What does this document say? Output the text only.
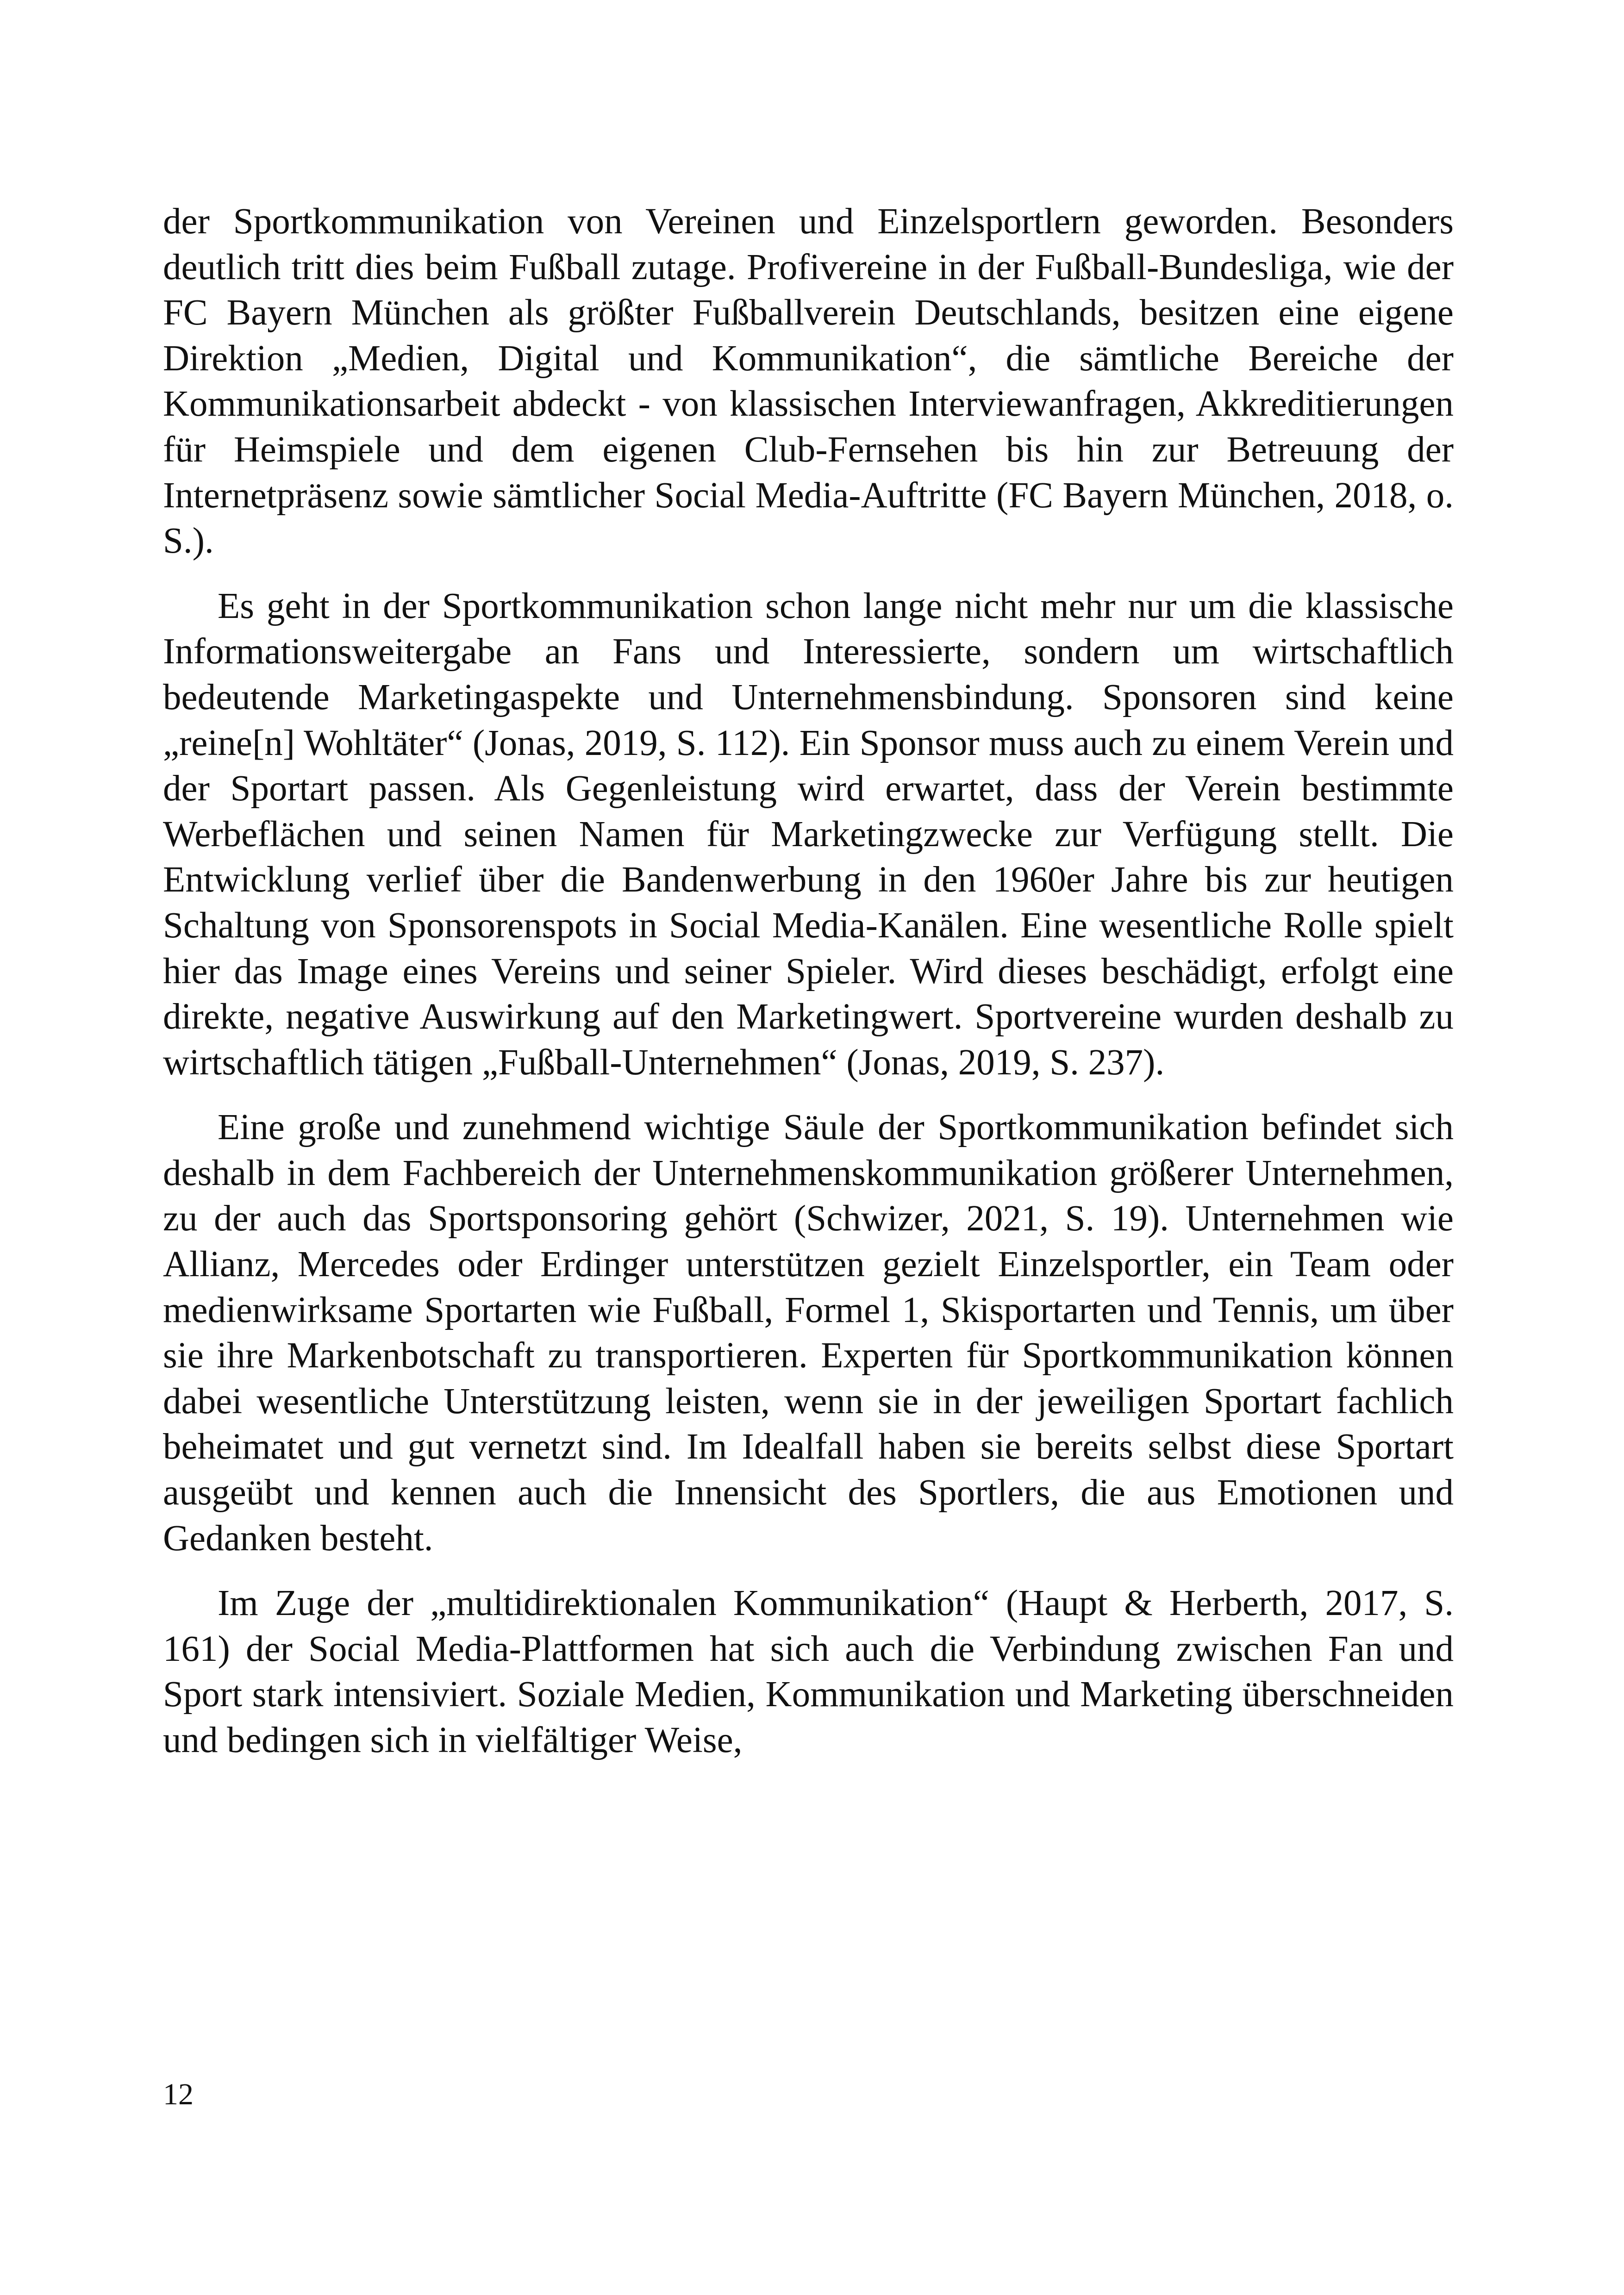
der Sportkommunikation von Vereinen und Einzelsportlern geworden. Besonders deutlich tritt dies beim Fußball zutage. Profivereine in der Fußball-Bundesliga, wie der FC Bayern München als größter Fußballverein Deutschlands, besitzen eine eigene Direktion „Medien, Digital und Kommunikation“, die sämtliche Bereiche der Kommunikationsarbeit abdeckt - von klassischen Interviewanfragen, Akkreditierungen für Heimspiele und dem eigenen Club-Fernsehen bis hin zur Betreuung der Internetpräsenz sowie sämtlicher Social Media-Auftritte (FC Bayern München, 2018, o. S.).

Es geht in der Sportkommunikation schon lange nicht mehr nur um die klassische Informationsweitergabe an Fans und Interessierte, sondern um wirtschaftlich bedeutende Marketingaspekte und Unternehmensbindung. Sponsoren sind keine „reine[n] Wohltäter“ (Jonas, 2019, S. 112). Ein Sponsor muss auch zu einem Verein und der Sportart passen. Als Gegenleistung wird erwartet, dass der Verein bestimmte Werbeflächen und seinen Namen für Marketingzwecke zur Verfügung stellt. Die Entwicklung verlief über die Bandenwerbung in den 1960er Jahre bis zur heutigen Schaltung von Sponsorenspots in Social Media-Kanälen. Eine wesentliche Rolle spielt hier das Image eines Vereins und seiner Spieler. Wird dieses beschädigt, erfolgt eine direkte, negative Auswirkung auf den Marketingwert. Sportvereine wurden deshalb zu wirtschaftlich tätigen „Fußball-Unternehmen“ (Jonas, 2019, S. 237).

Eine große und zunehmend wichtige Säule der Sportkommunikation befindet sich deshalb in dem Fachbereich der Unternehmenskommunikation größerer Unternehmen, zu der auch das Sportsponsoring gehört (Schwizer, 2021, S. 19). Unternehmen wie Allianz, Mercedes oder Erdinger unterstützen gezielt Einzelsportler, ein Team oder medienwirksame Sportarten wie Fußball, Formel 1, Skisportarten und Tennis, um über sie ihre Markenbotschaft zu transportieren. Experten für Sportkommunikation können dabei wesentliche Unterstützung leisten, wenn sie in der jeweiligen Sportart fachlich beheimatet und gut vernetzt sind. Im Idealfall haben sie bereits selbst diese Sportart ausgeübt und kennen auch die Innensicht des Sportlers, die aus Emotionen und Gedanken besteht.

Im Zuge der „multidirektionalen Kommunikation“ (Haupt & Herberth, 2017, S. 161) der Social Media-Plattformen hat sich auch die Verbindung zwischen Fan und Sport stark intensiviert. Soziale Medien, Kommunikation und Marketing überschneiden und bedingen sich in vielfältiger Weise,

12
